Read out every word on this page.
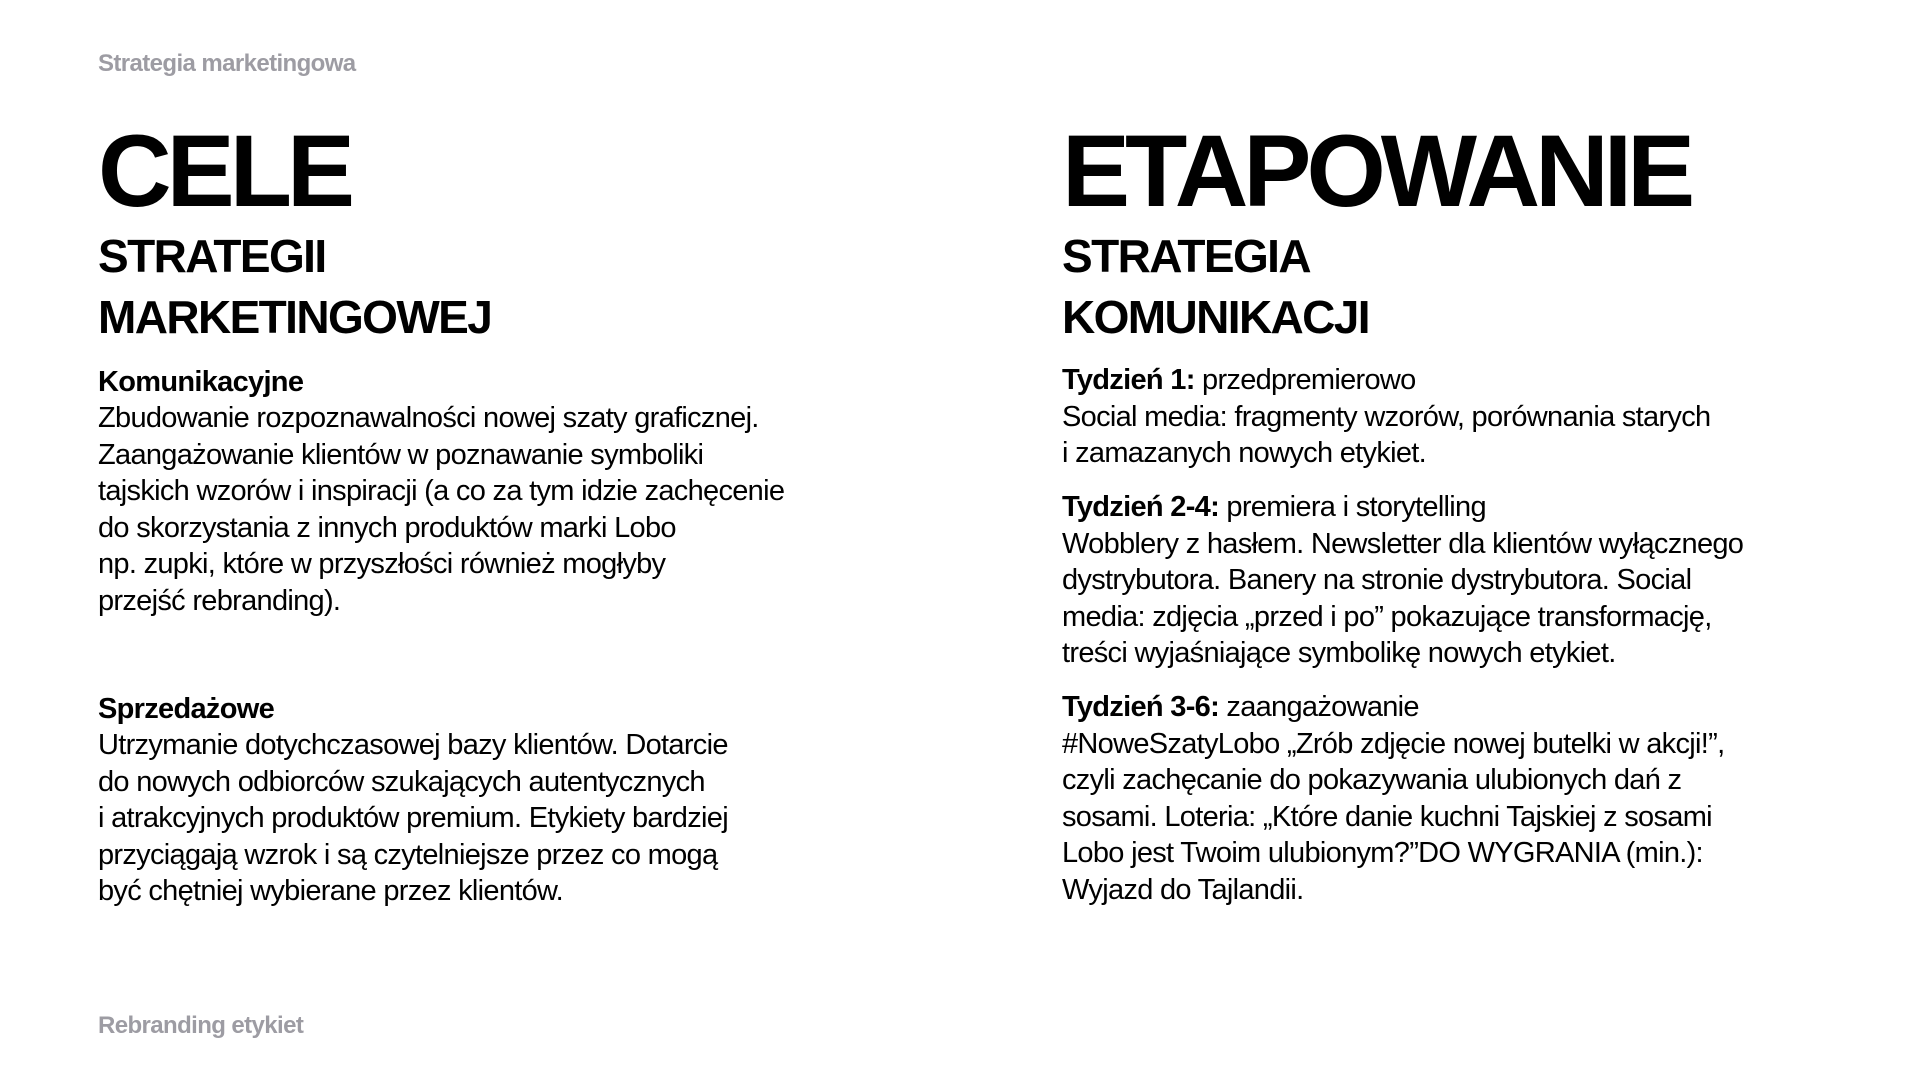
Strategia marketingowa
CELE
STRATEGII
MARKETINGOWEJ
Komunikacyjne
Zbudowanie rozpoznawalności nowej szaty graficznej.
Zaangażowanie klientów w poznawanie symboliki
tajskich wzorów i inspiracji (a co za tym idzie zachęcenie
do skorzystania z innych produktów marki Lobo
np. zupki, które w przyszłości również mogłyby
przejść rebranding).
Sprzedażowe
Utrzymanie dotychczasowej bazy klientów. Dotarcie
do nowych odbiorców szukających autentycznych
i atrakcyjnych produktów premium. Etykiety bardziej
przyciągają wzrok i są czytelniejsze przez co mogą
być chętniej wybierane przez klientów.
ETAPOWANIE
STRATEGIA
KOMUNIKACJI
Tydzień 1: przedpremierowo
Social media: fragmenty wzorów, porównania starych
i zamazanych nowych etykiet.
Tydzień 2-4: premiera i storytelling
Wobblery z hasłem. Newsletter dla klientów wyłącznego
dystrybutora. Banery na stronie dystrybutora. Social
media: zdjęcia „przed i po” pokazujące transformację,
treści wyjaśniające symbolikę nowych etykiet.
Tydzień 3-6: zaangażowanie
#NoweSzatyLobo „Zrób zdjęcie nowej butelki w akcji!”,
czyli zachęcanie do pokazywania ulubionych dań z
sosami. Loteria: „Które danie kuchni Tajskiej z sosami
Lobo jest Twoim ulubionym?”DO WYGRANIA (min.):
Wyjazd do Tajlandii.
Rebranding etykiet
